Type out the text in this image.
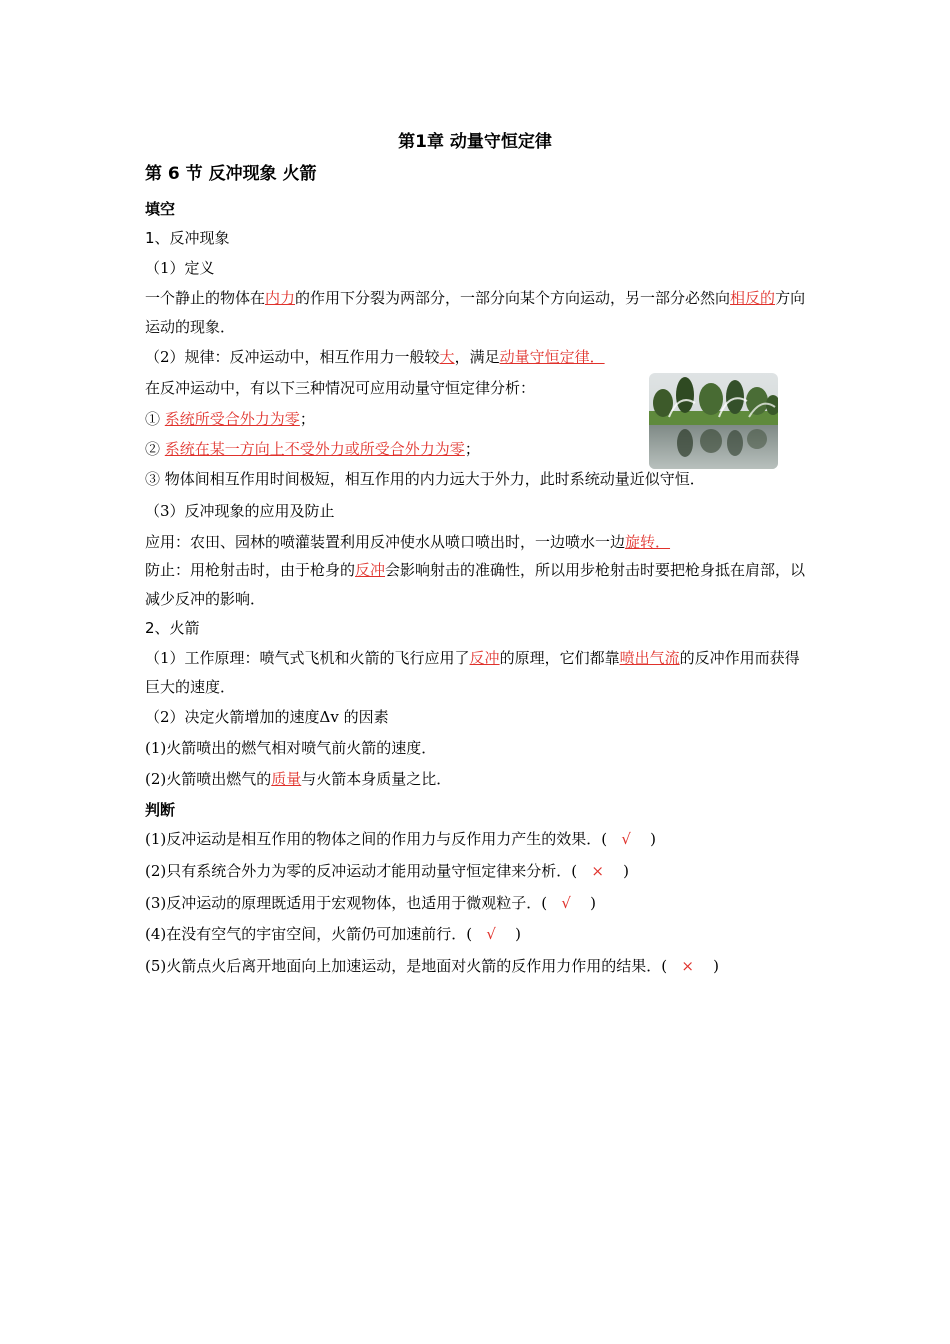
第1章 动量守恒定律
第 6 节 反冲现象 火箭
填空
1、反冲现象
（1）定义
一个静止的物体在内力的作用下分裂为两部分，一部分向某个方向运动，另一部分必然向相反的方向运动的现象．
（2）规律：反冲运动中，相互作用力一般较大，满足动量守恒定律．
在反冲运动中，有以下三种情况可应用动量守恒定律分析：
① 系统所受合外力为零；
② 系统在某一方向上不受外力或所受合外力为零；
③ 物体间相互作用时间极短，相互作用的内力远大于外力，此时系统动量近似守恒．
（3）反冲现象的应用及防止
应用：农田、园林的喷灌装置利用反冲使水从喷口喷出时，一边喷水一边旋转．
防止：用枪射击时，由于枪身的反冲会影响射击的准确性，所以用步枪射击时要把枪身抵在肩部，以减少反冲的影响．
2、火箭
（1）工作原理：喷气式飞机和火箭的飞行应用了反冲的原理，它们都靠喷出气流的反冲作用而获得巨大的速度．
（2）决定火箭增加的速度Δv 的因素
(1)火箭喷出的燃气相对喷气前火箭的速度．
(2)火箭喷出燃气的质量与火箭本身质量之比．
判断
(1)反冲运动是相互作用的物体之间的作用力与反作用力产生的效果．( √ )
(2)只有系统合外力为零的反冲运动才能用动量守恒定律来分析．( × )
(3)反冲运动的原理既适用于宏观物体，也适用于微观粒子．( √ )
(4)在没有空气的宇宙空间，火箭仍可加速前行．( √ )
(5)火箭点火后离开地面向上加速运动，是地面对火箭的反作用力作用的结果．( × )
